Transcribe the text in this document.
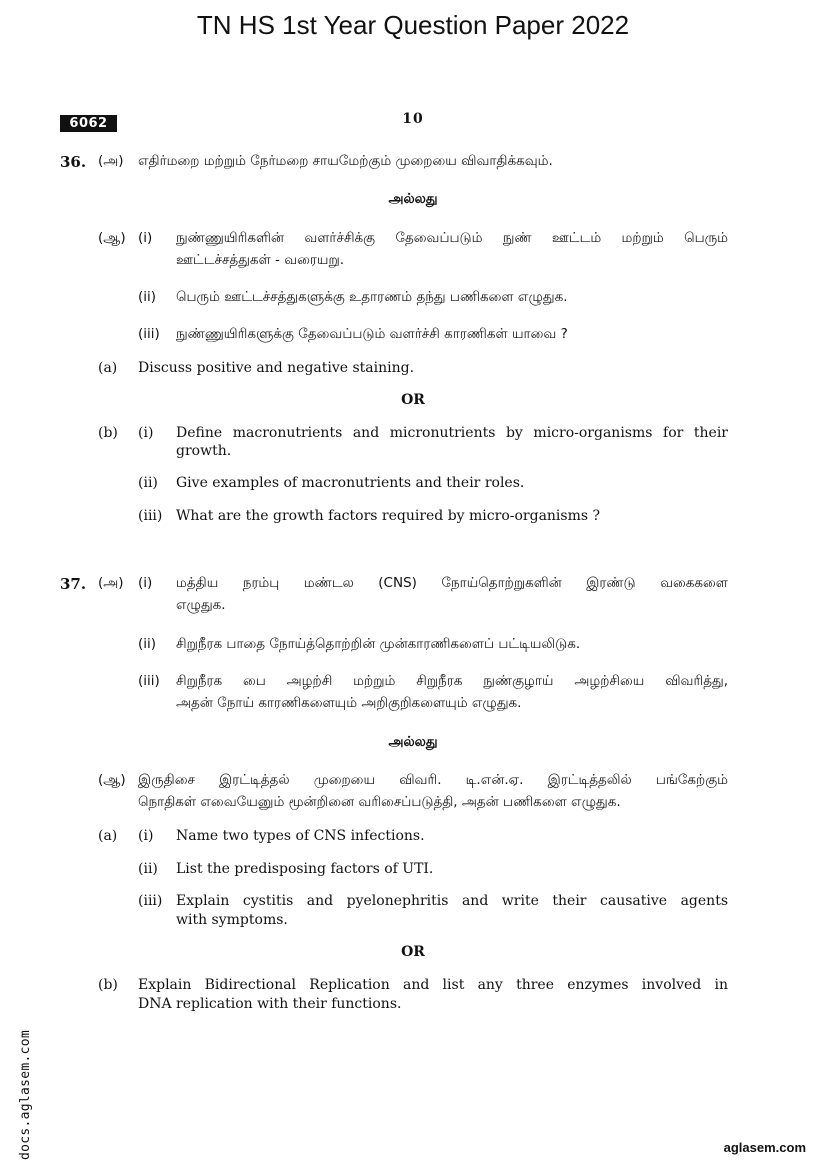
TN HS 1st Year Question Paper 2022
6062	10
36. (அ) எதிர்மறை மற்றும் நேர்மறை சாயமேற்கும் முறையை விவாதிக்கவும்.
அல்லது
(ஆ) (i) நுண்ணுயிரிகளின் வளர்ச்சிக்கு தேவைப்படும் நுண் ஊட்டம் மற்றும் பெரும்
ஊட்டச்சத்துகள் - வரையறு.
(ii) பெரும் ஊட்டச்சத்துகளுக்கு உதாரணம் தந்து பணிகளை எழுதுக.
(iii) நுண்ணுயிரிகளுக்கு தேவைப்படும் வளர்ச்சி காரணிகள் யாவை ?
(a) Discuss positive and negative staining.
OR
(b) (i) Define macronutrients and micronutrients by micro-organisms for their
growth.
(ii) Give examples of macronutrients and their roles.
(iii) What are the growth factors required by micro-organisms ?
37. (அ) (i) மத்திய நரம்பு மண்டல (CNS) நோய்தொற்றுகளின் இரண்டு வகைகளை
எழுதுக.
(ii) சிறுநீரக பாதை நோய்த்தொற்றின் முன்காரணிகளைப் பட்டியலிடுக.
(iii) சிறுநீரக பை அழற்சி மற்றும் சிறுநீரக நுண்குழாய் அழற்சியை விவரித்து,
அதன் நோய் காரணிகளையும் அறிகுறிகளையும் எழுதுக.
அல்லது
(ஆ) இருதிசை இரட்டித்தல் முறையை விவரி. டி.என்.ஏ. இரட்டித்தலில் பங்கேற்கும்
நொதிகள் எவையேனும் மூன்றினை வரிசைப்படுத்தி, அதன் பணிகளை எழுதுக.
(a) (i) Name two types of CNS infections.
(ii) List the predisposing factors of UTI.
(iii) Explain cystitis and pyelonephritis and write their causative agents
with symptoms.
OR
(b) Explain Bidirectional Replication and list any three enzymes involved in
DNA replication with their functions.
docs.aglasem.com	aglasem.com
